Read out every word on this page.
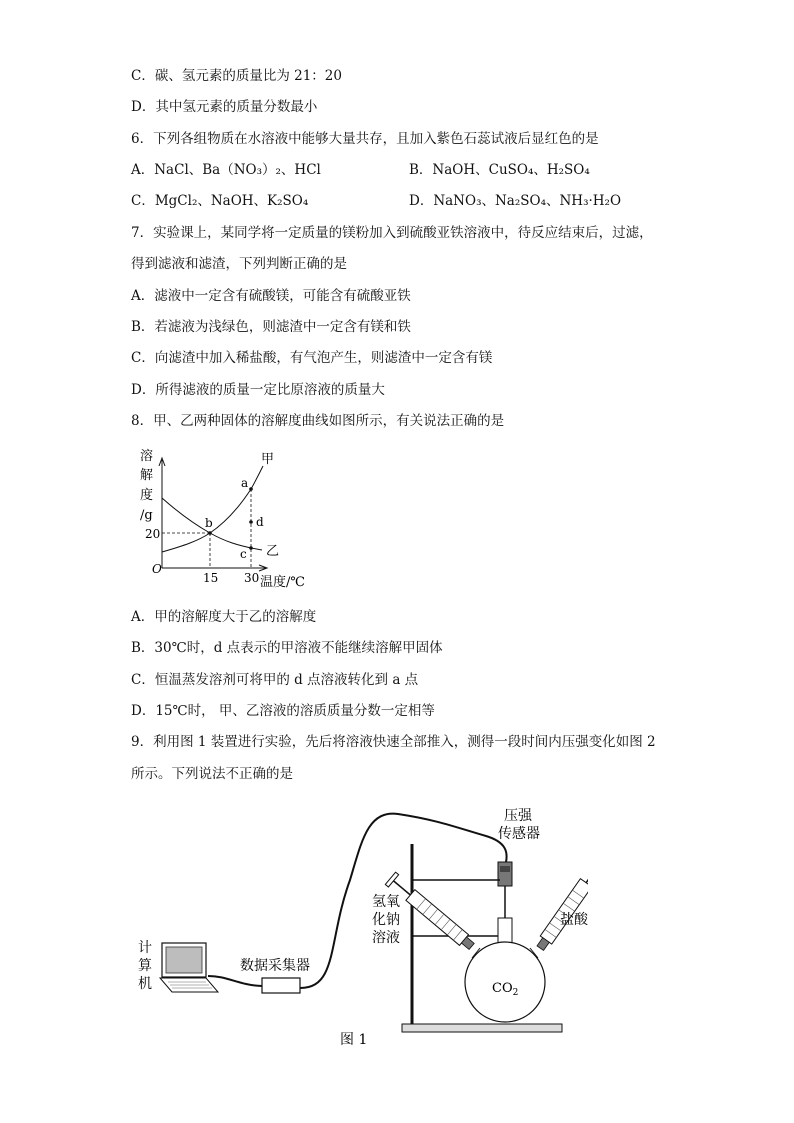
C．碳、氢元素的质量比为 21：20
D．其中氢元素的质量分数最小
6．下列各组物质在水溶液中能够大量共存，且加入紫色石蕊试液后显红色的是
A．NaCl、Ba（NO₃）₂、HCl	B．NaOH、CuSO₄、H₂SO₄
C．MgCl₂、NaOH、K₂SO₄	D．NaNO₃、Na₂SO₄、NH₃·H₂O
7．实验课上，某同学将一定质量的镁粉加入到硫酸亚铁溶液中，待反应结束后，过滤，
得到滤液和滤渣，下列判断正确的是
A．滤液中一定含有硫酸镁，可能含有硫酸亚铁
B．若滤液为浅绿色，则滤渣中一定含有镁和铁
C．向滤渣中加入稀盐酸，有气泡产生，则滤渣中一定含有镁
D．所得滤液的质量一定比原溶液的质量大
8．甲、乙两种固体的溶解度曲线如图所示，有关说法正确的是
溶
解
度
/g
a
b
c
d
甲
乙
20
O
15 30 温度/℃
A．甲的溶解度大于乙的溶解度
B．30℃时，d 点表示的甲溶液不能继续溶解甲固体
C．恒温蒸发溶剂可将甲的 d 点溶液转化到 a 点
D．15℃时， 甲、乙溶液的溶质质量分数一定相等
9．利用图 1 装置进行实验，先后将溶液快速全部推入，测得一段时间内压强变化如图 2
所示。下列说法不正确的是
计
算
机
数据采集器
压强
传感器
氢氧
化钠
溶液
盐酸
$CO_2$
图 1
